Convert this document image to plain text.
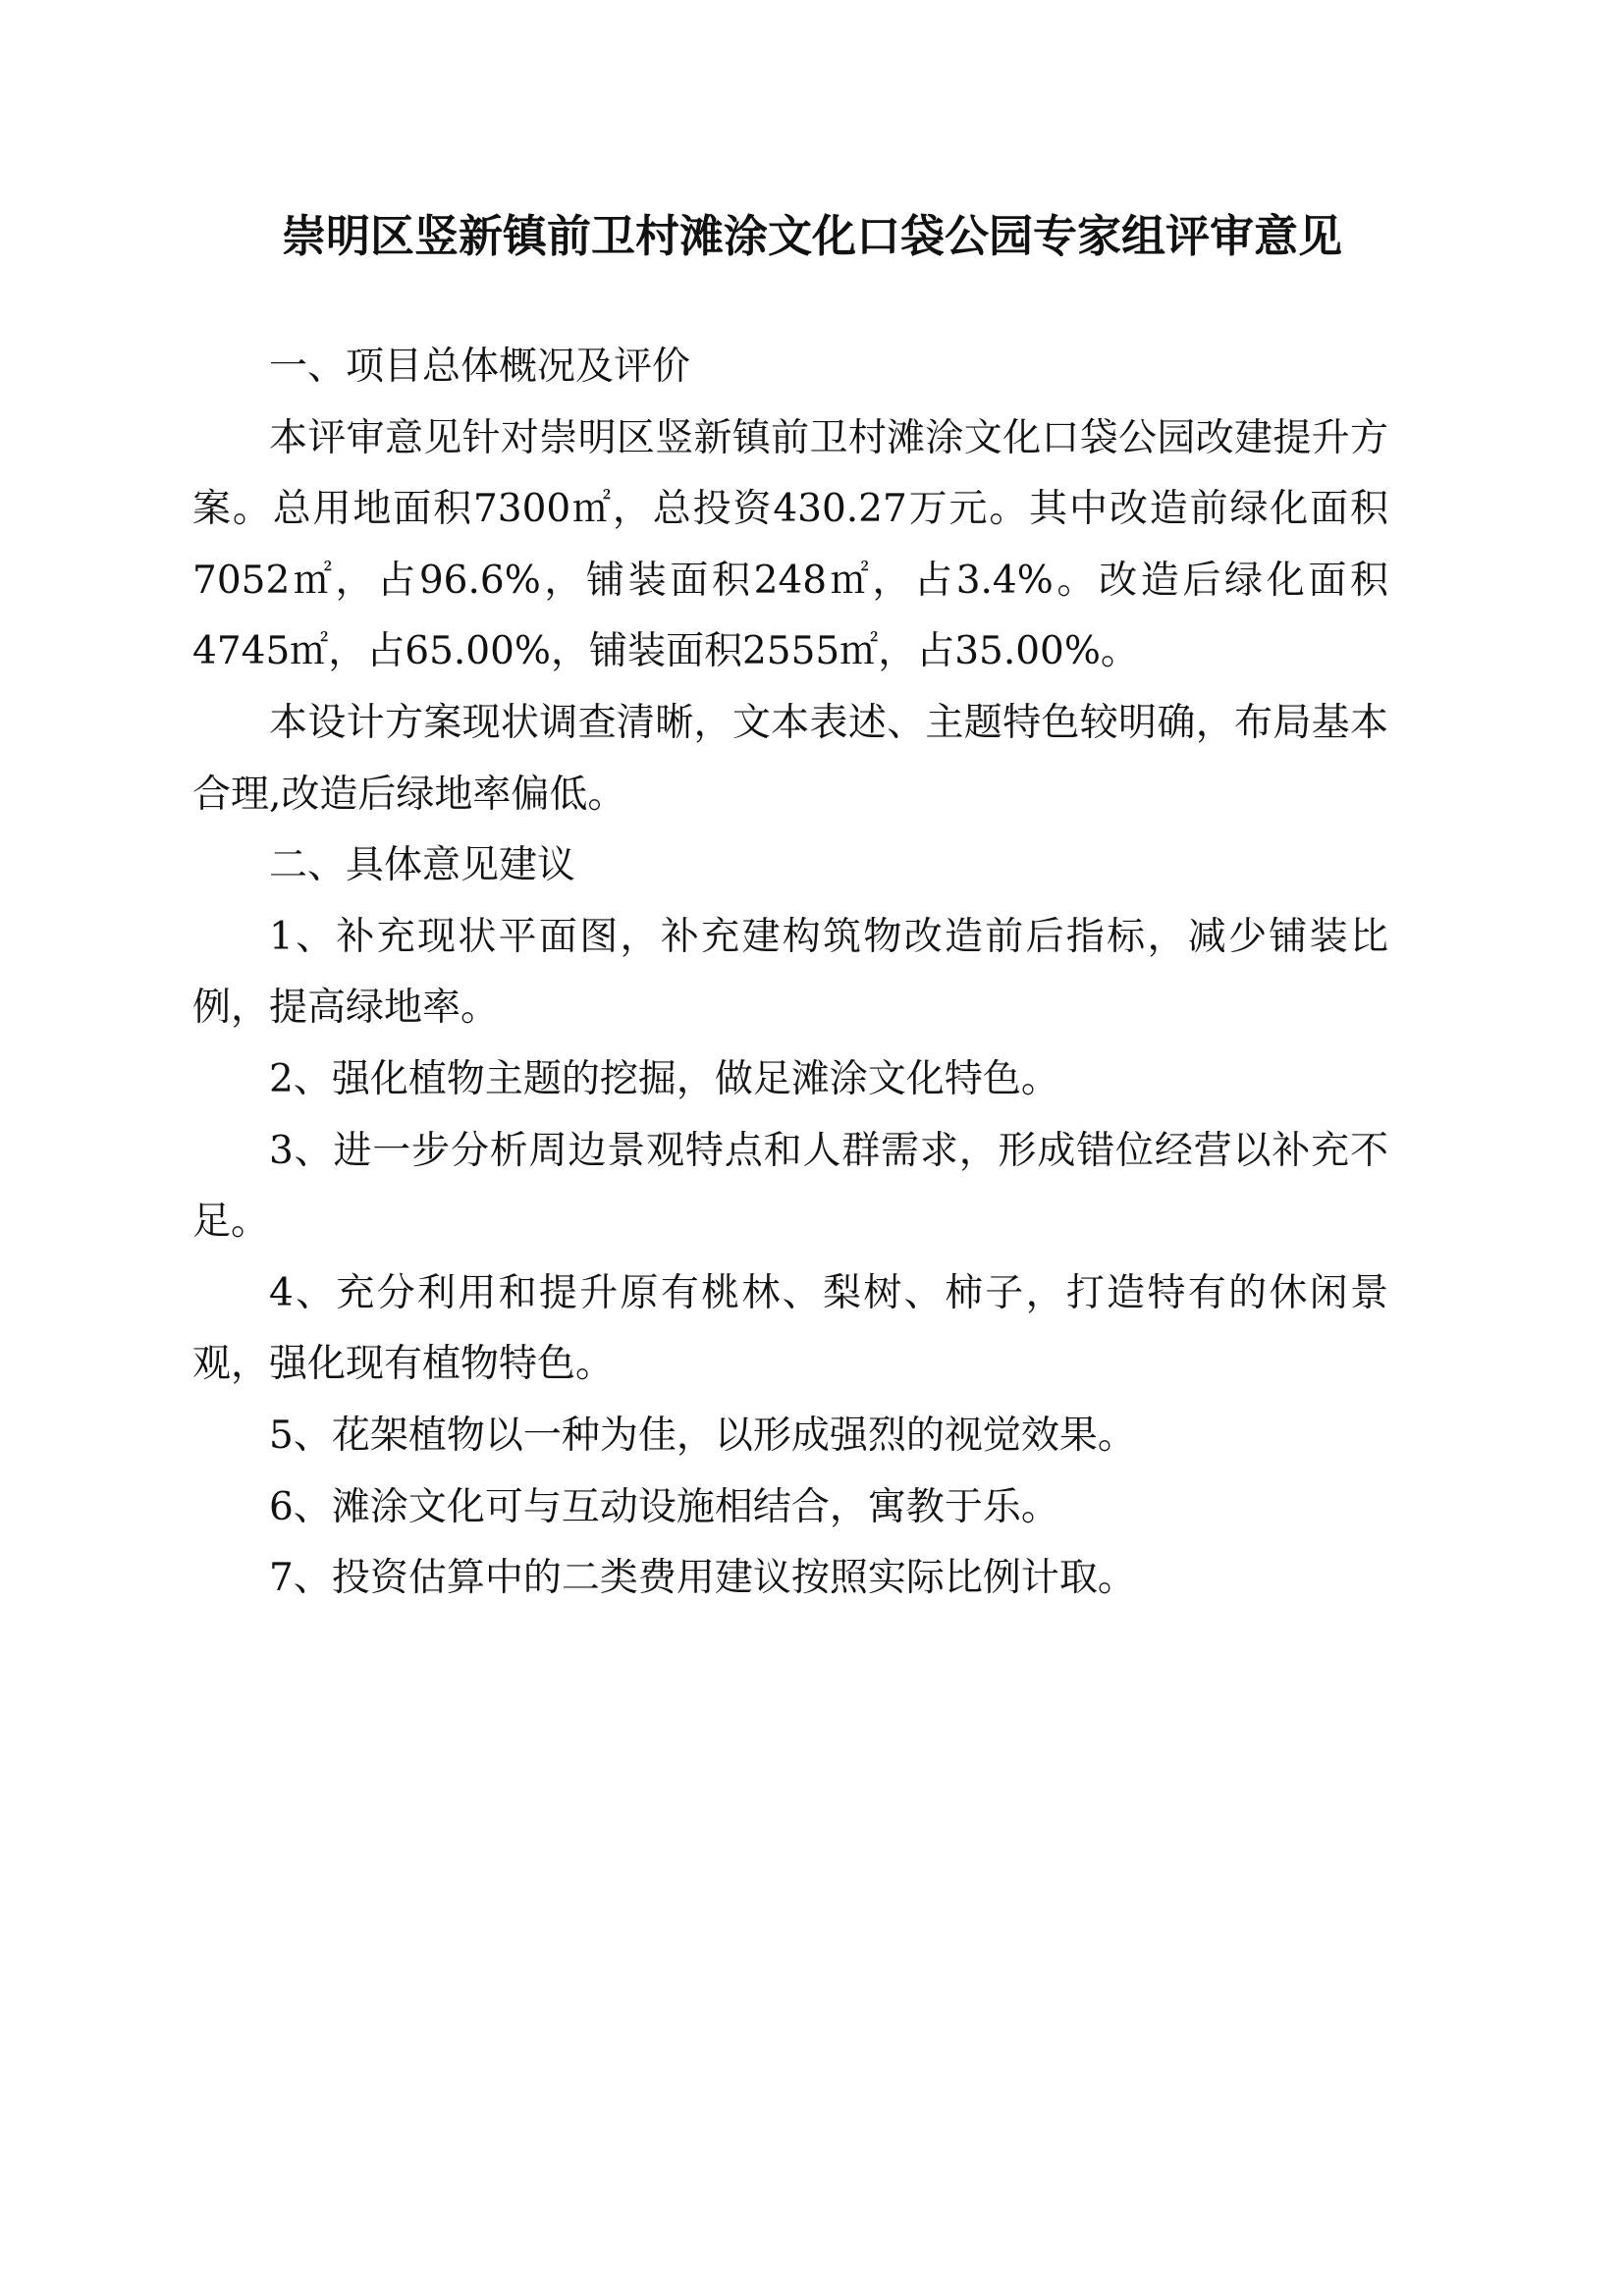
崇明区竖新镇前卫村滩涂文化口袋公园专家组评审意见

一、项目总体概况及评价

本评审意见针对崇明区竖新镇前卫村滩涂文化口袋公园改建提升方案。总用地面积7300㎡，总投资430.27万元。其中改造前绿化面积7052㎡，占96.6%，铺装面积248㎡，占3.4%。改造后绿化面积 4745㎡，占65.00%，铺装面积2555㎡，占35.00%。

本设计方案现状调查清晰，文本表述、主题特色较明确，布局基本合理,改造后绿地率偏低。

二、具体意见建议

1、补充现状平面图，补充建构筑物改造前后指标，减少铺装比例，提高绿地率。

2、强化植物主题的挖掘，做足滩涂文化特色。

3、进一步分析周边景观特点和人群需求，形成错位经营以补充不足。

4、充分利用和提升原有桃林、梨树、柿子，打造特有的休闲景观，强化现有植物特色。

5、花架植物以一种为佳，以形成强烈的视觉效果。

6、滩涂文化可与互动设施相结合，寓教于乐。

7、投资估算中的二类费用建议按照实际比例计取。
